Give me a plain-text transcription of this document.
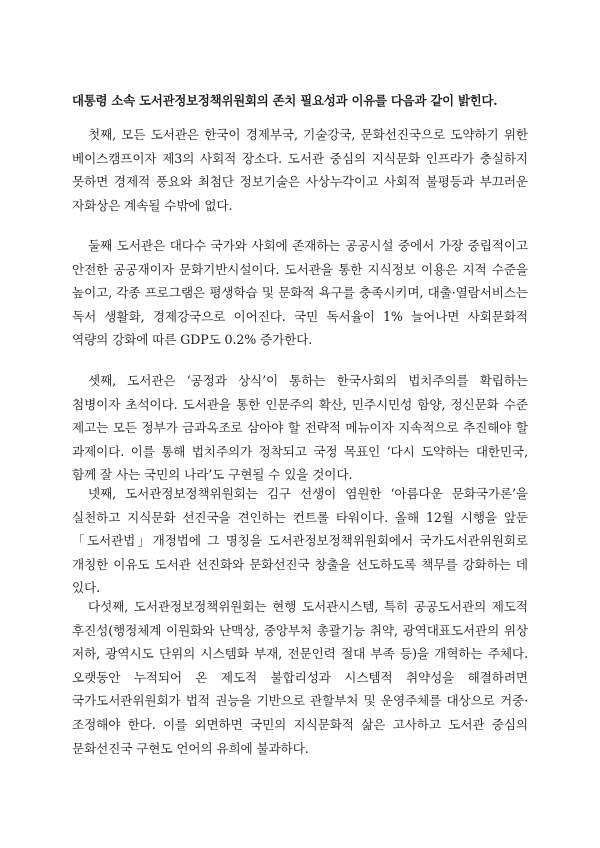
대통령 소속 도서관정보정책위원회의 존치 필요성과 이유를 다음과 같이 밝힌다.

첫째, 모든 도서관은 한국이 경제부국, 기술강국, 문화선진국으로 도약하기 위한 베이스캠프이자 제3의 사회적 장소다. 도서관 중심의 지식문화 인프라가 충실하지 못하면 경제적 풍요와 최첨단 정보기술은 사상누각이고 사회적 불평등과 부끄러운 자화상은 계속될 수밖에 없다.

둘째 도서관은 대다수 국가와 사회에 존재하는 공공시설 중에서 가장 중립적이고 안전한 공공재이자 문화기반시설이다. 도서관을 통한 지식정보 이용은 지적 수준을 높이고, 각종 프로그램은 평생학습 및 문화적 욕구를 충족시키며, 대출·열람서비스는 독서 생활화, 경제강국으로 이어진다. 국민 독서율이 1% 늘어나면 사회문화적 역량의 강화에 따른 GDP도 0.2% 증가한다.

셋째, 도서관은 ‘공정과 상식’이 통하는 한국사회의 법치주의를 확립하는 첨병이자 초석이다. 도서관을 통한 인문주의 확산, 민주시민성 함양, 정신문화 수준 제고는 모든 정부가 금과옥조로 삼아야 할 전략적 메뉴이자 지속적으로 추진해야 할 과제이다. 이를 통해 법치주의가 정착되고 국정 목표인 ‘다시 도약하는 대한민국, 함께 잘 사는 국민의 나라’도 구현될 수 있을 것이다.

넷째, 도서관정보정책위원회는 김구 선생이 염원한 ‘아름다운 문화국가론’을 실천하고 지식문화 선진국을 견인하는 컨트롤 타워이다. 올해 12월 시행을 앞둔「도서관법」개정법에 그 명칭을 도서관정보정책위원회에서 국가도서관위원회로 개칭한 이유도 도서관 선진화와 문화선진국 창출을 선도하도록 책무를 강화하는 데 있다.

다섯째, 도서관정보정책위원회는 현행 도서관시스템, 특히 공공도서관의 제도적 후진성(행정체계 이원화와 난맥상, 중앙부처 총괄기능 취약, 광역대표도서관의 위상 저하, 광역시도 단위의 시스템화 부재, 전문인력 절대 부족 등)을 개혁하는 주체다. 오랫동안 누적되어 온 제도적 불합리성과 시스템적 취약성을 해결하려면 국가도서관위원회가 법적 권능을 기반으로 관할부처 및 운영주체를 대상으로 거중·조정해야 한다. 이를 외면하면 국민의 지식문화적 삶은 고사하고 도서관 중심의 문화선진국 구현도 언어의 유희에 불과하다.
